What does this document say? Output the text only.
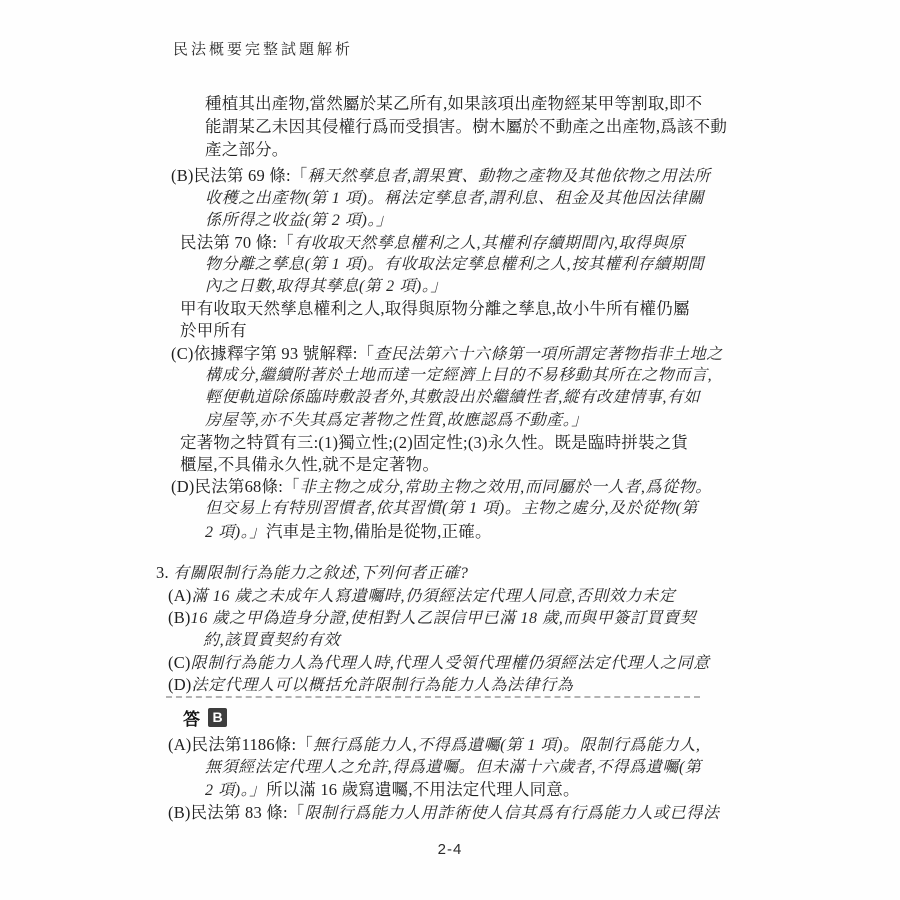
民法概要完整試題解析
種植其出產物,當然屬於某乙所有,如果該項出產物經某甲等割取,即不
能謂某乙未因其侵權行爲而受損害。樹木屬於不動產之出產物,爲該不動
產之部分。
(B)民法第 69 條:「稱天然孳息者,謂果實、動物之產物及其他依物之用法所
收穫之出產物(第 1 項)。稱法定孳息者,謂利息、租金及其他因法律關
係所得之收益(第 2 項)。」
民法第 70 條:「有收取天然孳息權利之人,其權利存續期間內,取得與原
物分離之孳息(第 1 項)。有收取法定孳息權利之人,按其權利存續期間
內之日數,取得其孳息(第 2 項)。」
甲有收取天然孳息權利之人,取得與原物分離之孳息,故小牛所有權仍屬
於甲所有
(C)依據釋字第 93 號解釋:「查民法第六十六條第一項所謂定著物指非土地之
構成分,繼續附著於土地而達一定經濟上目的不易移動其所在之物而言,
輕便軌道除係臨時敷設者外,其敷設出於繼續性者,縱有改建情事,有如
房屋等,亦不失其爲定著物之性質,故應認爲不動產。」
定著物之特質有三:(1)獨立性;(2)固定性;(3)永久性。既是臨時拼裝之貨
櫃屋,不具備永久性,就不是定著物。
(D)民法第68條:「非主物之成分,常助主物之效用,而同屬於一人者,爲從物。
但交易上有特別習慣者,依其習慣(第 1 項)。主物之處分,及於從物(第
2 項)。」汽車是主物,備胎是從物,正確。
3. 有關限制行為能力之敘述,下列何者正確?
(A)滿 16 歲之未成年人寫遺囑時,仍須經法定代理人同意,否則效力未定
(B)16 歲之甲偽造身分證,使相對人乙誤信甲已滿 18 歲,而與甲簽訂買賣契
約,該買賣契約有效
(C)限制行為能力人為代理人時,代理人受領代理權仍須經法定代理人之同意
(D)法定代理人可以概括允許限制行為能力人為法律行為
(A)民法第1186條:「無行爲能力人,不得爲遺囑(第 1 項)。限制行爲能力人,
無須經法定代理人之允許,得爲遺囑。但未滿十六歲者,不得爲遺囑(第
2 項)。」所以滿 16 歲寫遺囑,不用法定代理人同意。
(B)民法第 83 條:「限制行爲能力人用詐術使人信其爲有行爲能力人或已得法
答 B
2-4
